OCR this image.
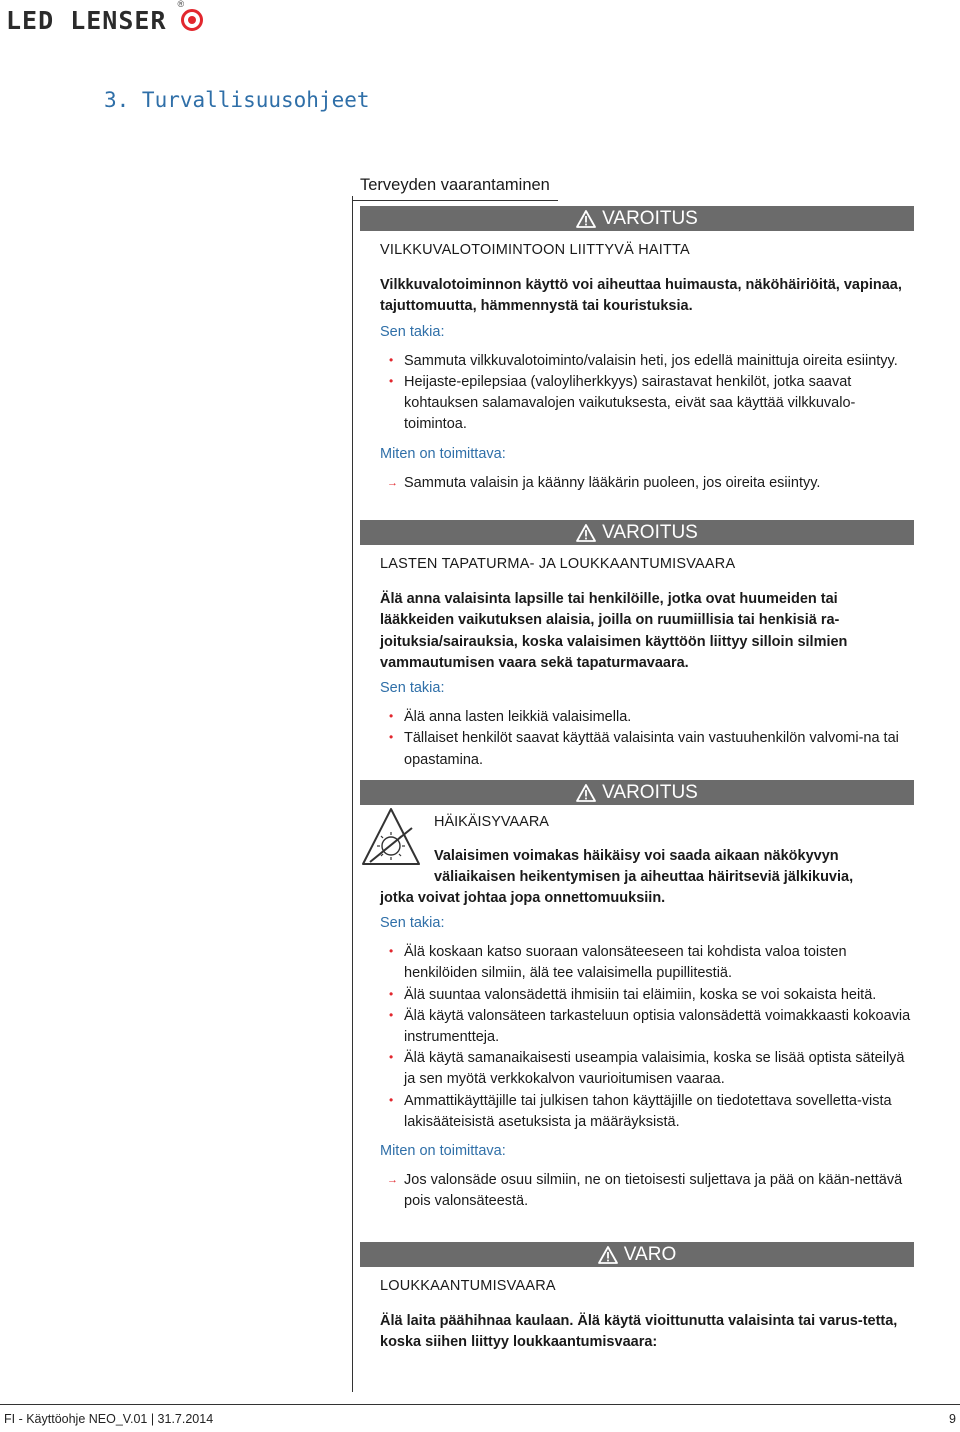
LED LENSER
®
3. Turvallisuusohjeet
Terveyden vaarantaminen
VAROITUS

VILKKUVALOTOIMINTOON LIITTYVÄ HAITTA

Vilkkuvalotoiminnon käyttö voi aiheuttaa huimausta, näköhäiriöitä, vapinaa, tajuttomuutta, hämmennystä tai kouristuksia.

Sen takia:

• Sammuta vilkkuvalotoiminto/valaisin heti, jos edellä mainittuja oireita esiintyy.
• Heijaste-epilepsiaa (valoyliherkkyys) sairastavat henkilöt, jotka saavat kohtauksen salamavalojen vaikutuksesta, eivät saa käyttää vilkkuvalo-toimintoa.

Miten on toimittava:

→ Sammuta valaisin ja käänny lääkärin puoleen, jos oireita esiintyy.
VAROITUS

LASTEN TAPATURMA- JA LOUKKAANTUMISVAARA

Älä anna valaisinta lapsille tai henkilöille, jotka ovat huumeiden tai lääkkeiden vaikutuksen alaisia, joilla on ruumiillisia tai henkisiä ra-joituksia/sairauksia, koska valaisimen käyttöön liittyy silloin silmien vammautumisen vaara sekä tapaturmavaara.

Sen takia:

• Älä anna lasten leikkiä valaisimella.
• Tällaiset henkilöt saavat käyttää valaisinta vain vastuuhenkilön valvomi-na tai opastamina.
VAROITUS
HÄIKÄISYVAARA
Valaisimen voimakas häikäisy voi saada aikaan näkökyvyn
väliaikaisen heikentymisen ja aiheuttaa häiritseviä jälkikuvia,
jotka voivat johtaa jopa onnettomuuksiin.

Sen takia:

• Älä koskaan katso suoraan valonsäteeseen tai kohdista valoa toisten henkilöiden silmiin, älä tee valaisimella pupillitestiä.
• Älä suuntaa valonsädettä ihmisiin tai eläimiin, koska se voi sokaista heitä.
• Älä käytä valonsäteen tarkasteluun optisia valonsädettä voimakkaasti kokoavia instrumentteja.
• Älä käytä samanaikaisesti useampia valaisimia, koska se lisää optista säteilyä ja sen myötä verkkokalvon vaurioitumisen vaaraa.
• Ammattikäyttäjille tai julkisen tahon käyttäjille on tiedotettava sovelletta-vista lakisääteisistä asetuksista ja määräyksistä.

Miten on toimittava:

→ Jos valonsäde osuu silmiin, ne on tietoisesti suljettava ja pää on kään-nettävä pois valonsäteestä.
VARO

LOUKKAANTUMISVAARA

Älä laita päähihnaa kaulaan. Älä käytä vioittunutta valaisinta tai varus-tetta, koska siihen liittyy loukkaantumisvaara:

FI - Käyttöohje NEO_V.01 | 31.7.2014	9
